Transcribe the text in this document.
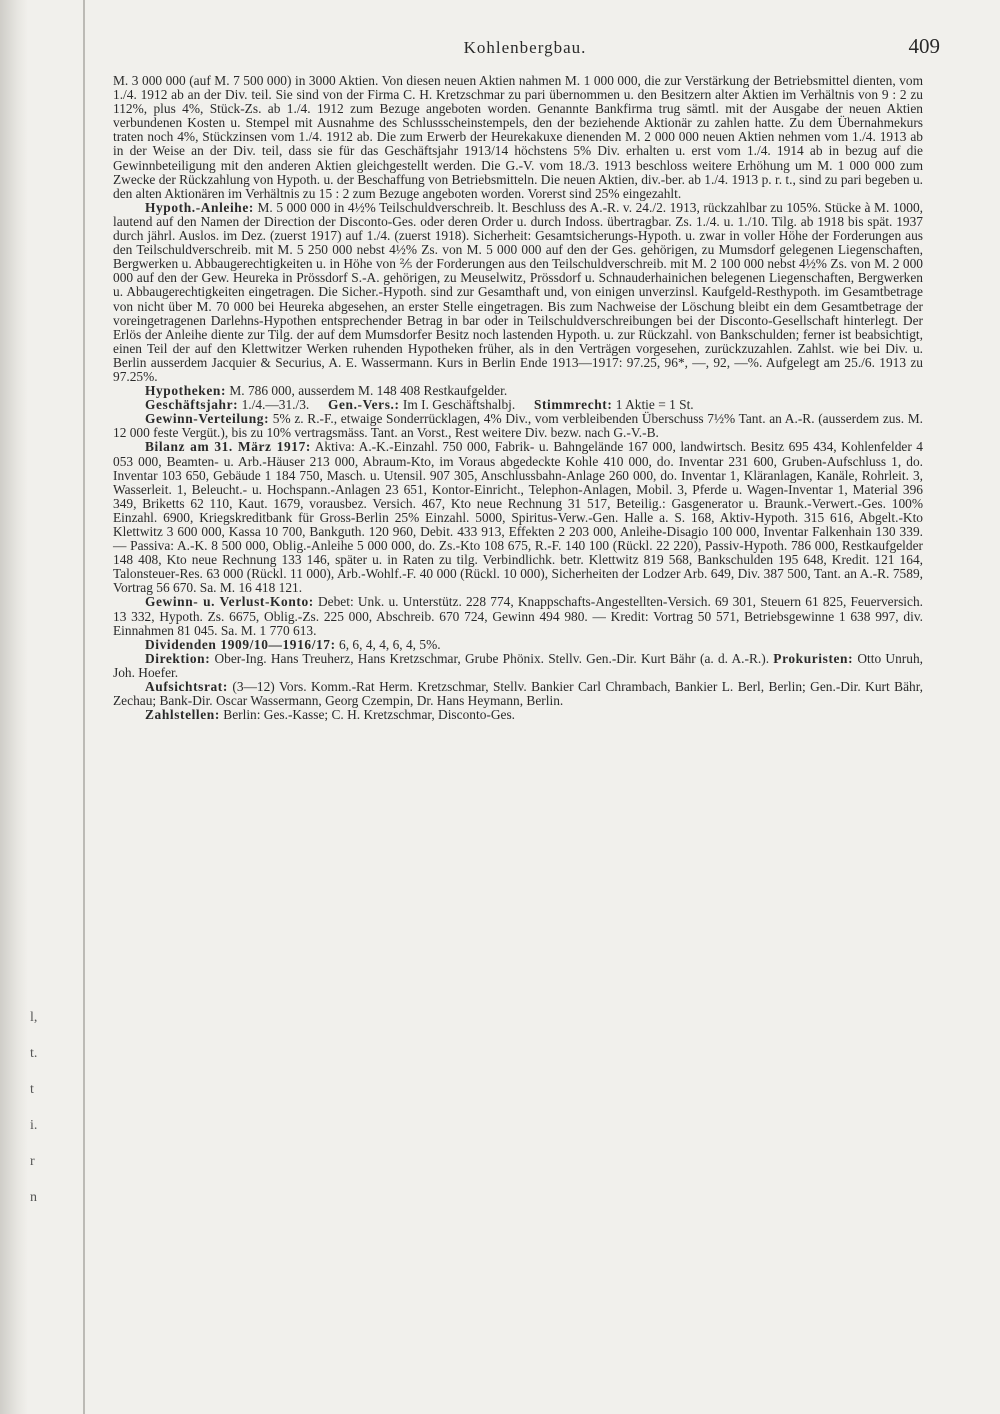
l,
t.
t
i.
r
n
Kohlenbergbau.	409

M. 3 000 000 (auf M. 7 500 000) in 3000 Aktien. Von diesen neuen Aktien nahmen M. 1 000 000, die zur Verstärkung der Betriebsmittel dienten, vom 1./4. 1912 ab an der Div. teil. Sie sind von der Firma C. H. Kretzschmar zu pari übernommen u. den Besitzern alter Aktien im Verhältnis von 9 : 2 zu 112%, plus 4%, Stück-Zs. ab 1./4. 1912 zum Bezuge angeboten worden. Genannte Bankfirma trug sämtl. mit der Ausgabe der neuen Aktien verbundenen Kosten u. Stempel mit Ausnahme des Schlussscheinstempels, den der beziehende Aktionär zu zahlen hatte. Zu dem Übernahmekurs traten noch 4%, Stückzinsen vom 1./4. 1912 ab. Die zum Erwerb der Heurekakuxe dienenden M. 2 000 000 neuen Aktien nehmen vom 1./4. 1913 ab in der Weise an der Div. teil, dass sie für das Geschäftsjahr 1913/14 höchstens 5% Div. erhalten u. erst vom 1./4. 1914 ab in bezug auf die Gewinnbeteiligung mit den anderen Aktien gleichgestellt werden. Die G.-V. vom 18./3. 1913 beschloss weitere Erhöhung um M. 1 000 000 zum Zwecke der Rückzahlung von Hypoth. u. der Beschaffung von Betriebsmitteln. Die neuen Aktien, div.-ber. ab 1./4. 1913 p. r. t., sind zu pari begeben u. den alten Aktionären im Verhältnis zu 15 : 2 zum Bezuge angeboten worden. Vorerst sind 25% eingezahlt.

Hypoth.-Anleihe: M. 5 000 000 in 4½% Teilschuldverschreib. lt. Beschluss des A.-R. v. 24./2. 1913, rückzahlbar zu 105%. Stücke à M. 1000, lautend auf den Namen der Direction der Disconto-Ges. oder deren Order u. durch Indoss. übertragbar. Zs. 1./4. u. 1./10. Tilg. ab 1918 bis spät. 1937 durch jährl. Auslos. im Dez. (zuerst 1917) auf 1./4. (zuerst 1918). Sicherheit: Gesamtsicherungs-Hypoth. u. zwar in voller Höhe der Forderungen aus den Teilschuldverschreib. mit M. 5 250 000 nebst 4½% Zs. von M. 5 000 000 auf den der Ges. gehörigen, zu Mumsdorf gelegenen Liegenschaften, Bergwerken u. Abbaugerechtigkeiten u. in Höhe von ⅖ der Forderungen aus den Teilschuldverschreib. mit M. 2 100 000 nebst 4½% Zs. von M. 2 000 000 auf den der Gew. Heureka in Prössdorf S.-A. gehörigen, zu Meuselwitz, Prössdorf u. Schnauderhainichen belegenen Liegenschaften, Bergwerken u. Abbaugerechtigkeiten eingetragen. Die Sicher.-Hypoth. sind zur Gesamthaft und, von einigen unverzinsl. Kaufgeld-Resthypoth. im Gesamtbetrage von nicht über M. 70 000 bei Heureka abgesehen, an erster Stelle eingetragen. Bis zum Nachweise der Löschung bleibt ein dem Gesamtbetrage der voreingetragenen Darlehns-Hypothen entsprechender Betrag in bar oder in Teilschuldverschreibungen bei der Disconto-Gesellschaft hinterlegt. Der Erlös der Anleihe diente zur Tilg. der auf dem Mumsdorfer Besitz noch lastenden Hypoth. u. zur Rückzahl. von Bankschulden; ferner ist beabsichtigt, einen Teil der auf den Klettwitzer Werken ruhenden Hypotheken früher, als in den Verträgen vorgesehen, zurückzuzahlen. Zahlst. wie bei Div. u. Berlin ausserdem Jacquier & Securius, A. E. Wassermann. Kurs in Berlin Ende 1913—1917: 97.25, 96*, —, 92, —%. Aufgelegt am 25./6. 1913 zu 97.25%.

Hypotheken: M. 786 000, ausserdem M. 148 408 Restkaufgelder.

Geschäftsjahr: 1./4.—31./3. Gen.-Vers.: Im I. Geschäftshalbj. Stimmrecht: 1 Aktie = 1 St.

Gewinn-Verteilung: 5% z. R.-F., etwaige Sonderrücklagen, 4% Div., vom verbleibenden Überschuss 7½% Tant. an A.-R. (ausserdem zus. M. 12 000 feste Vergüt.), bis zu 10% vertragsmäss. Tant. an Vorst., Rest weitere Div. bezw. nach G.-V.-B.

Bilanz am 31. März 1917: Aktiva: A.-K.-Einzahl. 750 000, Fabrik- u. Bahngelände 167 000, landwirtsch. Besitz 695 434, Kohlenfelder 4 053 000, Beamten- u. Arb.-Häuser 213 000, Abraum-Kto, im Voraus abgedeckte Kohle 410 000, do. Inventar 231 600, Gruben-Aufschluss 1, do. Inventar 103 650, Gebäude 1 184 750, Masch. u. Utensil. 907 305, Anschlussbahn-Anlage 260 000, do. Inventar 1, Kläranlagen, Kanäle, Rohrleit. 3, Wasserleit. 1, Beleucht.- u. Hochspann.-Anlagen 23 651, Kontor-Einricht., Telephon-Anlagen, Mobil. 3, Pferde u. Wagen-Inventar 1, Material 396 349, Briketts 62 110, Kaut. 1679, vorausbez. Versich. 467, Kto neue Rechnung 31 517, Beteilig.: Gasgenerator u. Braunk.-Verwert.-Ges. 100% Einzahl. 6900, Kriegskreditbank für Gross-Berlin 25% Einzahl. 5000, Spiritus-Verw.-Gen. Halle a. S. 168, Aktiv-Hypoth. 315 616, Abgelt.-Kto Klettwitz 3 600 000, Kassa 10 700, Bankguth. 120 960, Debit. 433 913, Effekten 2 203 000, Anleihe-Disagio 100 000, Inventar Falkenhain 130 339. — Passiva: A.-K. 8 500 000, Oblig.-Anleihe 5 000 000, do. Zs.-Kto 108 675, R.-F. 140 100 (Rückl. 22 220), Passiv-Hypoth. 786 000, Restkaufgelder 148 408, Kto neue Rechnung 133 146, später u. in Raten zu tilg. Verbindlichk. betr. Klettwitz 819 568, Bankschulden 195 648, Kredit. 121 164, Talonsteuer-Res. 63 000 (Rückl. 11 000), Arb.-Wohlf.-F. 40 000 (Rückl. 10 000), Sicherheiten der Lodzer Arb. 649, Div. 387 500, Tant. an A.-R. 7589, Vortrag 56 670. Sa. M. 16 418 121.

Gewinn- u. Verlust-Konto: Debet: Unk. u. Unterstütz. 228 774, Knappschafts-Angestellten-Versich. 69 301, Steuern 61 825, Feuerversich. 13 332, Hypoth. Zs. 6675, Oblig.-Zs. 225 000, Abschreib. 670 724, Gewinn 494 980. — Kredit: Vortrag 50 571, Betriebsgewinne 1 638 997, div. Einnahmen 81 045. Sa. M. 1 770 613.

Dividenden 1909/10—1916/17: 6, 6, 4, 4, 6, 4, 5%.

Direktion: Ober-Ing. Hans Treuherz, Hans Kretzschmar, Grube Phönix. Stellv. Gen.-Dir. Kurt Bähr (a. d. A.-R.). Prokuristen: Otto Unruh, Joh. Hoefer.

Aufsichtsrat: (3—12) Vors. Komm.-Rat Herm. Kretzschmar, Stellv. Bankier Carl Chrambach, Bankier L. Berl, Berlin; Gen.-Dir. Kurt Bähr, Zechau; Bank-Dir. Oscar Wassermann, Georg Czempin, Dr. Hans Heymann, Berlin.

Zahlstellen: Berlin: Ges.-Kasse; C. H. Kretzschmar, Disconto-Ges.
